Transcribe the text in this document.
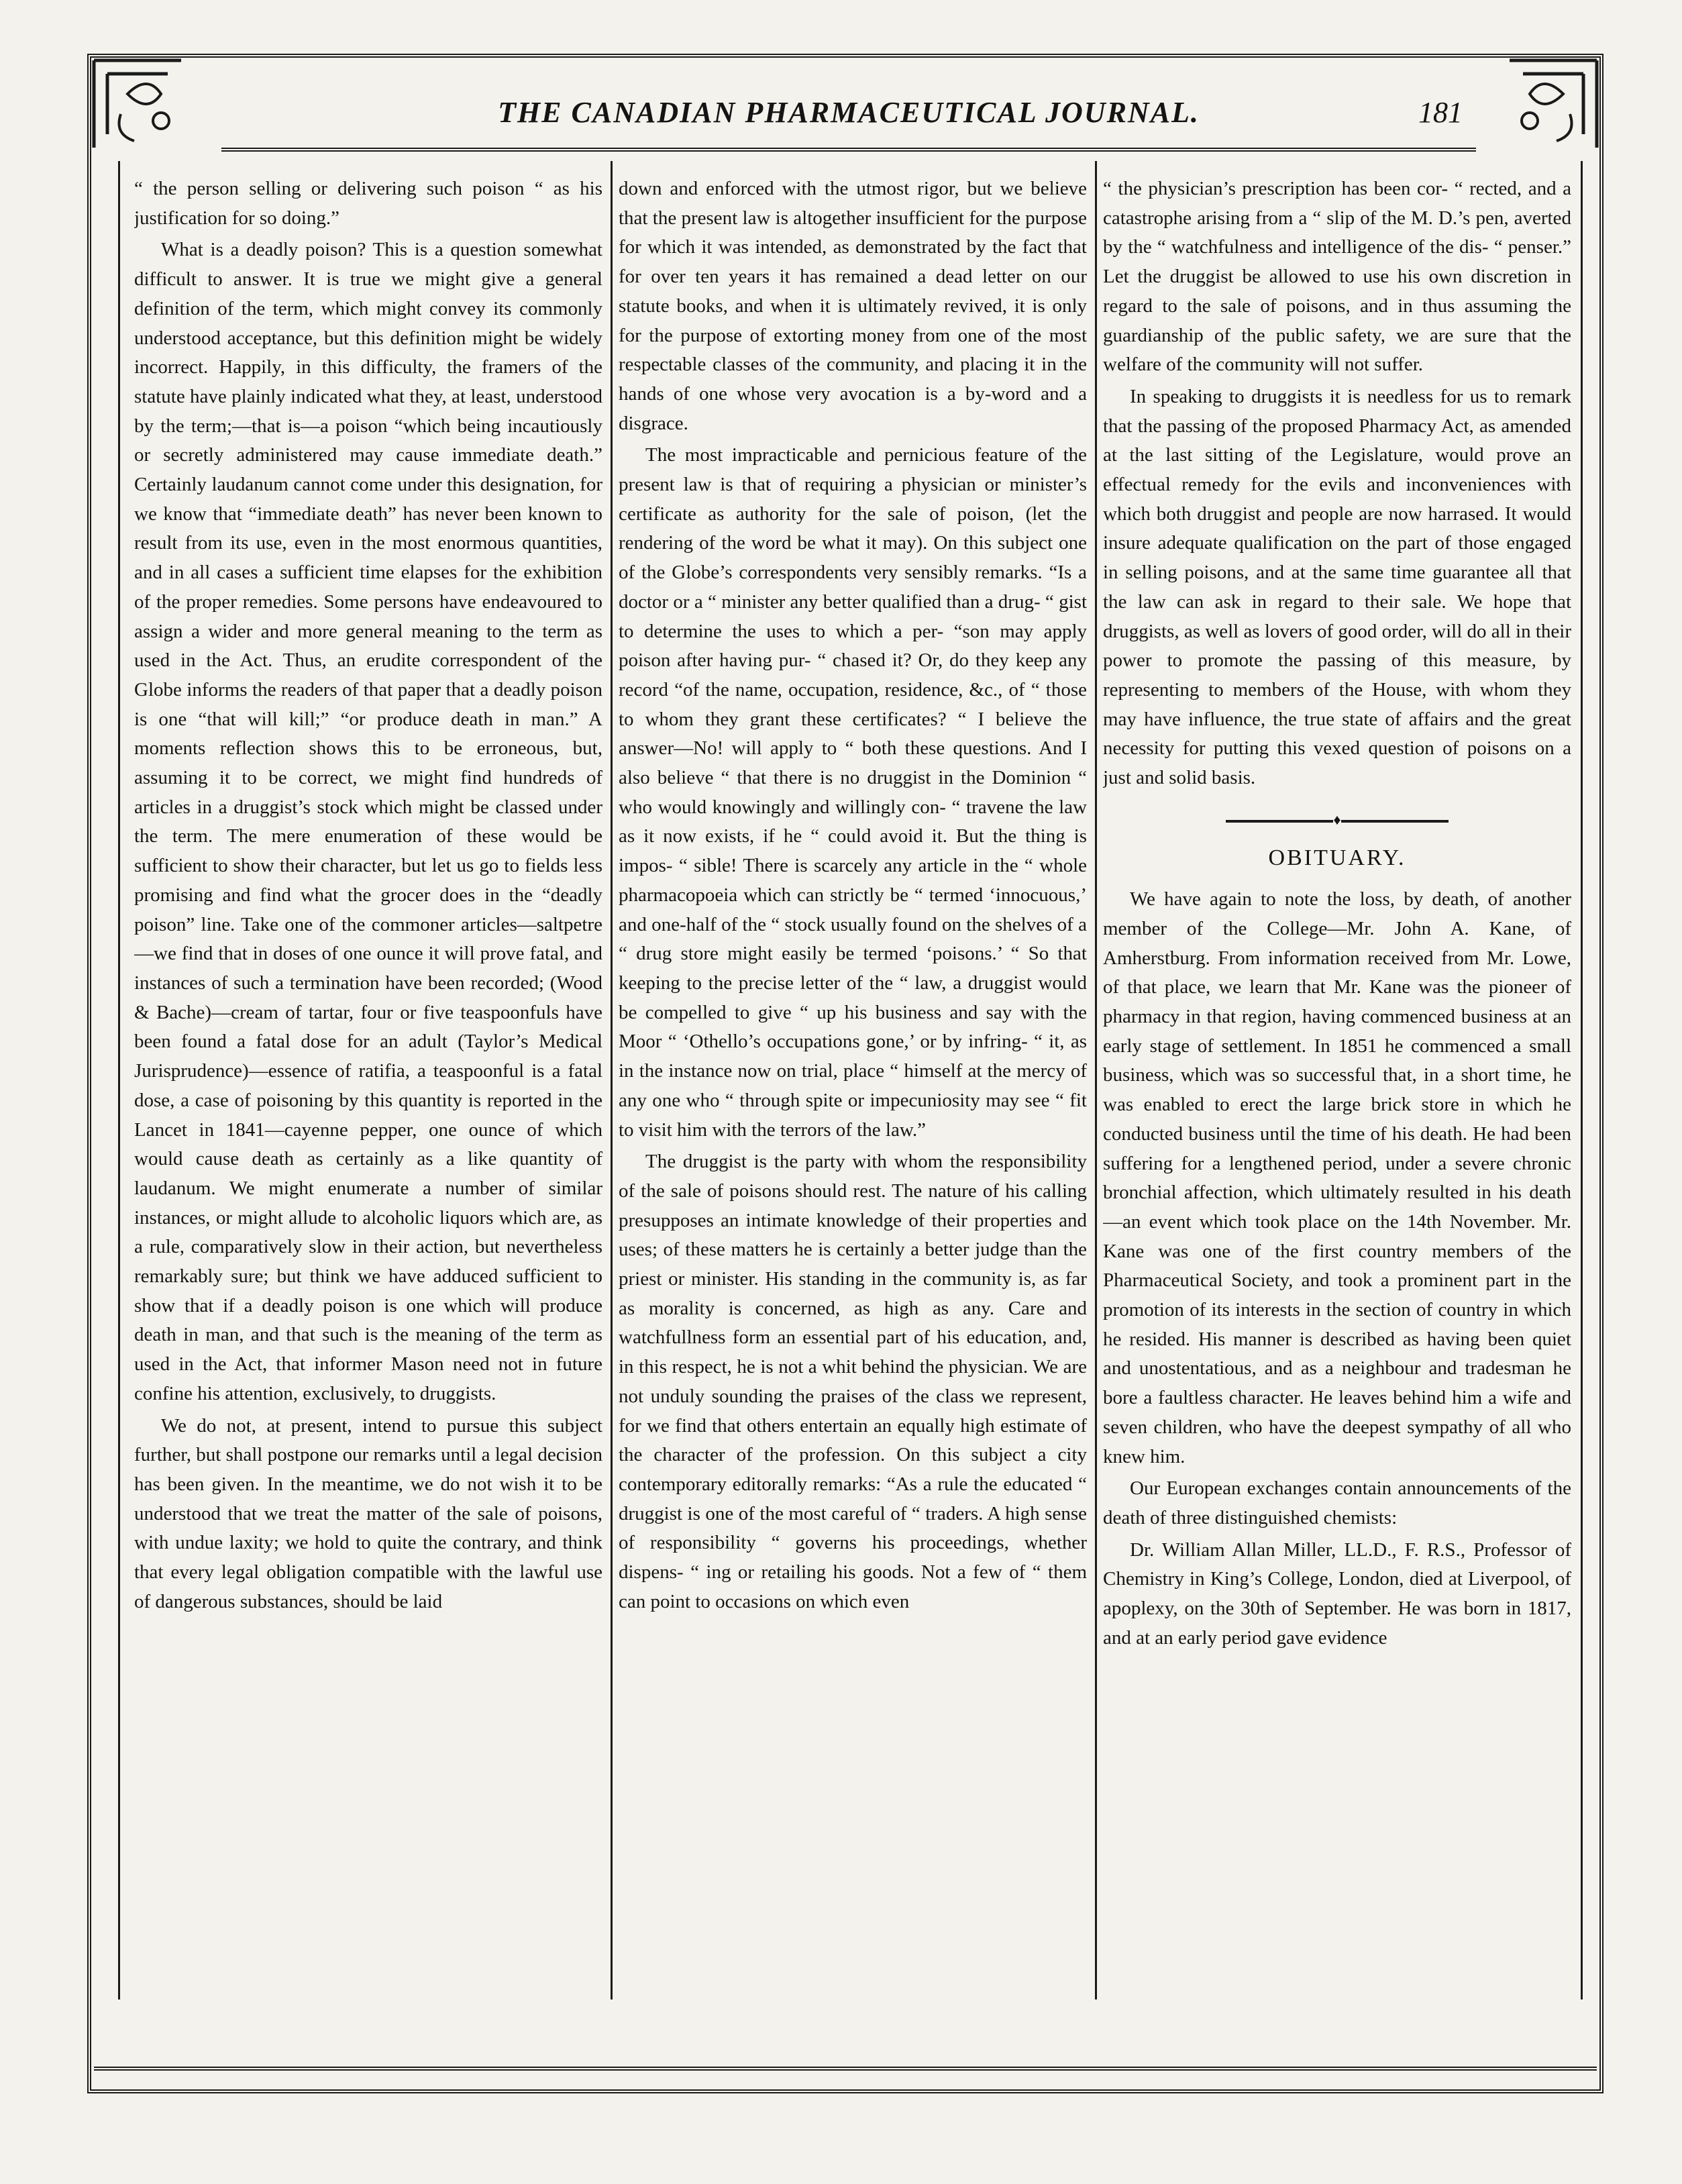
THE CANADIAN PHARMACEUTICAL JOURNAL.	181

“ the person selling or delivering such poison “ as his justification for so doing.”

What is a deadly poison? This is a question somewhat difficult to answer. It is true we might give a general definition of the term, which might convey its commonly understood acceptance, but this definition might be widely incorrect. Happily, in this difficulty, the framers of the statute have plainly indicated what they, at least, understood by the term;—that is—a poison “which being incautiously or secretly administered may cause immediate death.” Certainly laudanum cannot come under this designation, for we know that “immediate death” has never been known to result from its use, even in the most enormous quantities, and in all cases a sufficient time elapses for the exhibition of the proper remedies. Some persons have endeavoured to assign a wider and more general meaning to the term as used in the Act. Thus, an erudite correspondent of the Globe informs the readers of that paper that a deadly poison is one “that will kill;” “or produce death in man.” A moments reflection shows this to be erroneous, but, assuming it to be correct, we might find hundreds of articles in a druggist’s stock which might be classed under the term. The mere enumeration of these would be sufficient to show their character, but let us go to fields less promising and find what the grocer does in the “deadly poison” line. Take one of the commoner articles—saltpetre—we find that in doses of one ounce it will prove fatal, and instances of such a termination have been recorded; (Wood & Bache)—cream of tartar, four or five teaspoonfuls have been found a fatal dose for an adult (Taylor’s Medical Jurisprudence)—essence of ratifia, a teaspoonful is a fatal dose, a case of poisoning by this quantity is reported in the Lancet in 1841—cayenne pepper, one ounce of which would cause death as certainly as a like quantity of laudanum. We might enumerate a number of similar instances, or might allude to alcoholic liquors which are, as a rule, comparatively slow in their action, but nevertheless remarkably sure; but think we have adduced sufficient to show that if a deadly poison is one which will produce death in man, and that such is the meaning of the term as used in the Act, that informer Mason need not in future confine his attention, exclusively, to druggists.

We do not, at present, intend to pursue this subject further, but shall postpone our remarks until a legal decision has been given. In the meantime, we do not wish it to be understood that we treat the matter of the sale of poisons, with undue laxity; we hold to quite the contrary, and think that every legal obligation compatible with the lawful use of dangerous substances, should be laid

down and enforced with the utmost rigor, but we believe that the present law is altogether insufficient for the purpose for which it was intended, as demonstrated by the fact that for over ten years it has remained a dead letter on our statute books, and when it is ultimately revived, it is only for the purpose of extorting money from one of the most respectable classes of the community, and placing it in the hands of one whose very avocation is a by-word and a disgrace.

The most impracticable and pernicious feature of the present law is that of requiring a physician or minister’s certificate as authority for the sale of poison, (let the rendering of the word be what it may). On this subject one of the Globe’s correspondents very sensibly remarks. “Is a doctor or a “ minister any better qualified than a drug- “ gist to determine the uses to which a per- “son may apply poison after having pur- “ chased it? Or, do they keep any record “of the name, occupation, residence, &c., of “ those to whom they grant these certificates? “ I believe the answer—No! will apply to “ both these questions. And I also believe “ that there is no druggist in the Dominion “ who would knowingly and willingly con- “ travene the law as it now exists, if he “ could avoid it. But the thing is impos- “ sible! There is scarcely any article in the “ whole pharmacopoeia which can strictly be “ termed ‘innocuous,’ and one-half of the “ stock usually found on the shelves of a “ drug store might easily be termed ‘poisons.’ “ So that keeping to the precise letter of the “ law, a druggist would be compelled to give “ up his business and say with the Moor “ ‘Othello’s occupations gone,’ or by infring- “ it, as in the instance now on trial, place “ himself at the mercy of any one who “ through spite or impecuniosity may see “ fit to visit him with the terrors of the law.”

The druggist is the party with whom the responsibility of the sale of poisons should rest. The nature of his calling presupposes an intimate knowledge of their properties and uses; of these matters he is certainly a better judge than the priest or minister. His standing in the community is, as far as morality is concerned, as high as any. Care and watchfullness form an essential part of his education, and, in this respect, he is not a whit behind the physician. We are not unduly sounding the praises of the class we represent, for we find that others entertain an equally high estimate of the character of the profession. On this subject a city contemporary editorally remarks: “As a rule the educated “ druggist is one of the most careful of “ traders. A high sense of responsibility “ governs his proceedings, whether dispens- “ ing or retailing his goods. Not a few of “ them can point to occasions on which even

“ the physician’s prescription has been cor- “ rected, and a catastrophe arising from a “ slip of the M. D.’s pen, averted by the “ watchfulness and intelligence of the dis- “ penser.” Let the druggist be allowed to use his own discretion in regard to the sale of poisons, and in thus assuming the guardianship of the public safety, we are sure that the welfare of the community will not suffer.

In speaking to druggists it is needless for us to remark that the passing of the proposed Pharmacy Act, as amended at the last sitting of the Legislature, would prove an effectual remedy for the evils and inconveniences with which both druggist and people are now harrased. It would insure adequate qualification on the part of those engaged in selling poisons, and at the same time guarantee all that the law can ask in regard to their sale. We hope that druggists, as well as lovers of good order, will do all in their power to promote the passing of this measure, by representing to members of the House, with whom they may have influence, the true state of affairs and the great necessity for putting this vexed question of poisons on a just and solid basis.

♦
OBITUARY.

We have again to note the loss, by death, of another member of the College—Mr. John A. Kane, of Amherstburg. From information received from Mr. Lowe, of that place, we learn that Mr. Kane was the pioneer of pharmacy in that region, having commenced business at an early stage of settlement. In 1851 he commenced a small business, which was so successful that, in a short time, he was enabled to erect the large brick store in which he conducted business until the time of his death. He had been suffering for a lengthened period, under a severe chronic bronchial affection, which ultimately resulted in his death—an event which took place on the 14th November. Mr. Kane was one of the first country members of the Pharmaceutical Society, and took a prominent part in the promotion of its interests in the section of country in which he resided. His manner is described as having been quiet and unostentatious, and as a neighbour and tradesman he bore a faultless character. He leaves behind him a wife and seven children, who have the deepest sympathy of all who knew him.

Our European exchanges contain announcements of the death of three distinguished chemists:

Dr. William Allan Miller, LL.D., F. R.S., Professor of Chemistry in King’s College, London, died at Liverpool, of apoplexy, on the 30th of September. He was born in 1817, and at an early period gave evidence
